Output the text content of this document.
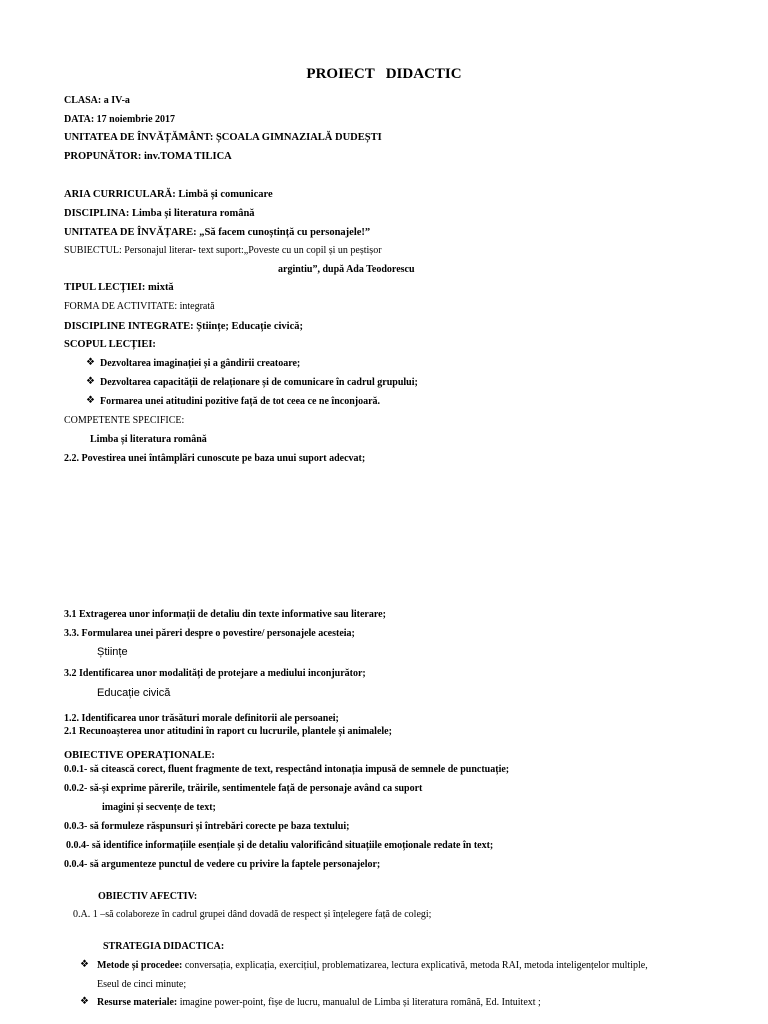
PROIECT   DIDACTIC
CLASA: a IV-a
DATA: 17 noiembrie 2017
UNITATEA DE ÎNVĂȚĂMÂNT: ȘCOALA GIMNAZIALĂ DUDEȘTI
PROPUNĂTOR: inv.TOMA TILICA
ARIA CURRICULARĂ: Limbă și comunicare
DISCIPLINA: Limba și literatura română
UNITATEA DE ÎNVĂȚARE: „Să facem cunoștință cu personajele!”
SUBIECTUL: Personajul literar- text suport:„Poveste cu un copil și un peștișor
argintiu”, după Ada Teodorescu
TIPUL LECȚIEI: mixtă
FORMA DE ACTIVITATE: integrată
DISCIPLINE INTEGRATE: Științe; Educație civică;
SCOPUL LECȚIEI:
❖ Dezvoltarea imaginației și a gândirii creatoare;
❖ Dezvoltarea capacității de relaționare și de comunicare în cadrul grupului;
❖ Formarea unei atitudini pozitive față de tot ceea ce ne înconjoară.
COMPETENTE SPECIFICE:
Limba și literatura română
2.2. Povestirea unei întâmplări cunoscute pe baza unui suport adecvat;
3.1 Extragerea unor informații de detaliu din texte informative sau literare;
3.3. Formularea unei păreri despre o povestire/ personajele acesteia;
Științe
3.2 Identificarea unor modalități de protejare a mediului inconjurător;
Educație civică
1.2. Identificarea unor trăsături morale definitorii ale persoanei;
2.1 Recunoașterea unor atitudini în raport cu lucrurile, plantele și animalele;
OBIECTIVE OPERAȚIONALE:
0.0.1- să citească corect, fluent fragmente de text, respectând intonația impusă de semnele de punctuație;
0.0.2- să-și exprime părerile, trăirile, sentimentele față de personaje având ca suport
imagini și secvențe de text;
0.0.3- să formuleze răspunsuri și întrebări corecte pe baza textului;
0.0.4- să identifice informațiile esențiale și de detaliu valorificând situațiile emoționale redate în text;
0.0.4- să argumenteze punctul de vedere cu privire la faptele personajelor;
OBIECTIV AFECTIV:
0.A. 1 –să colaboreze în cadrul grupei dând dovadă de respect și înțelegere față de colegi;
STRATEGIA DIDACTICA:
❖ Metode și procedee: conversația, explicația, exercițiul, problematizarea, lectura explicativă, metoda RAI, metoda inteligențelor multiple,
Eseul de cinci minute;
❖ Resurse materiale: imagine power-point, fișe de lucru, manualul de Limba și literatura română, Ed. Intuitext ;
